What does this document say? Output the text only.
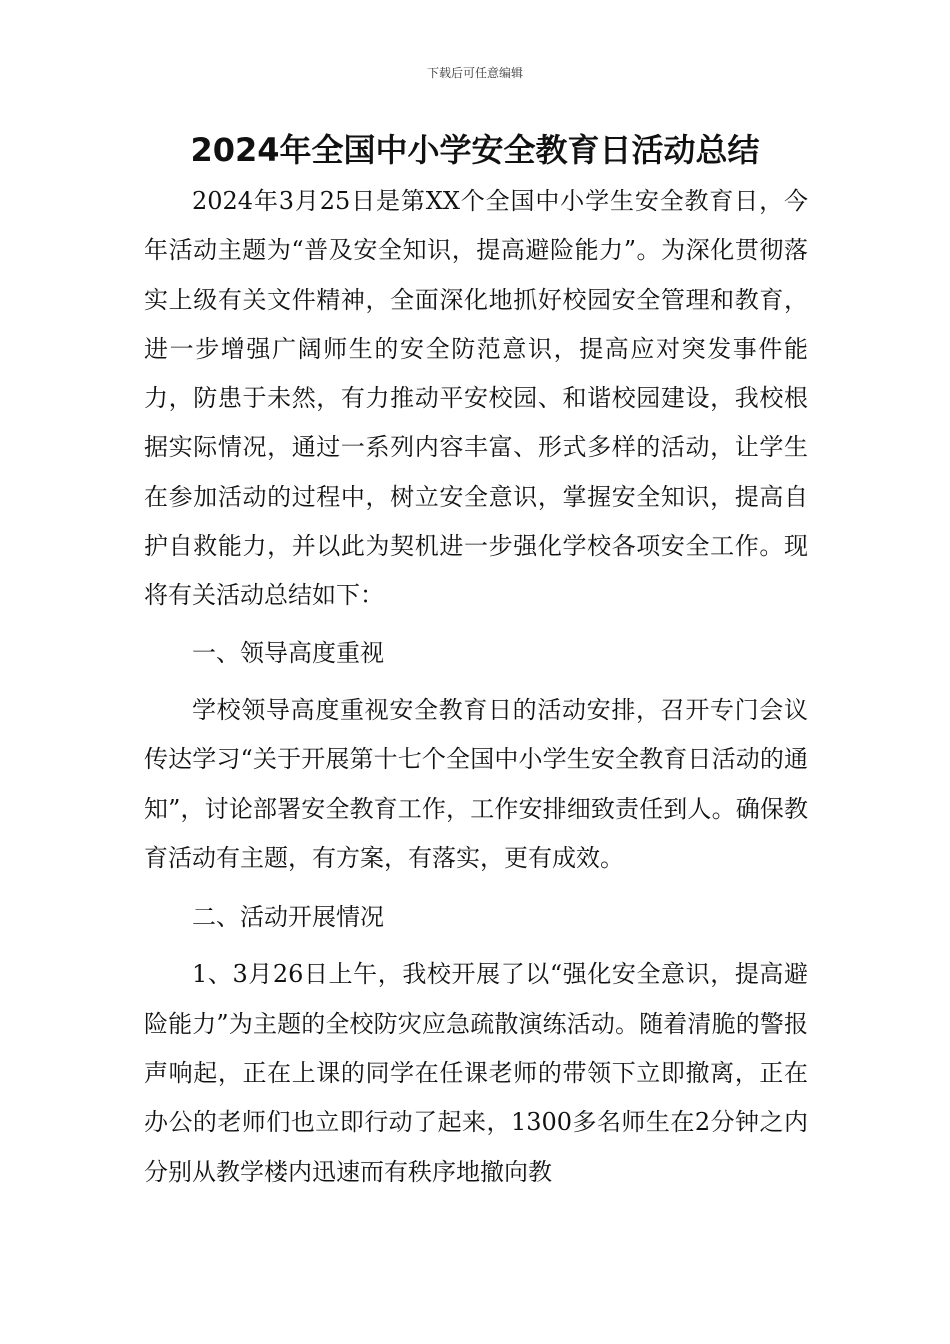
下载后可任意编辑
2024年全国中小学安全教育日活动总结

2024年3月25日是第XX个全国中小学生安全教育日，今年活动主题为“普及安全知识，提高避险能力”。为深化贯彻落实上级有关文件精神，全面深化地抓好校园安全管理和教育，进一步增强广阔师生的安全防范意识，提高应对突发事件能力，防患于未然，有力推动平安校园、和谐校园建设，我校根据实际情况，通过一系列内容丰富、形式多样的活动，让学生在参加活动的过程中，树立安全意识，掌握安全知识，提高自护自救能力，并以此为契机进一步强化学校各项安全工作。现将有关活动总结如下：

一、领导高度重视

学校领导高度重视安全教育日的活动安排，召开专门会议传达学习“关于开展第十七个全国中小学生安全教育日活动的通知”，讨论部署安全教育工作，工作安排细致责任到人。确保教育活动有主题，有方案，有落实，更有成效。

二、活动开展情况

1、3月26日上午，我校开展了以“强化安全意识，提高避险能力”为主题的全校防灾应急疏散演练活动。随着清脆的警报声响起，正在上课的同学在任课老师的带领下立即撤离，正在办公的老师们也立即行动了起来，1300多名师生在2分钟之内分别从教学楼内迅速而有秩序地撤向教
